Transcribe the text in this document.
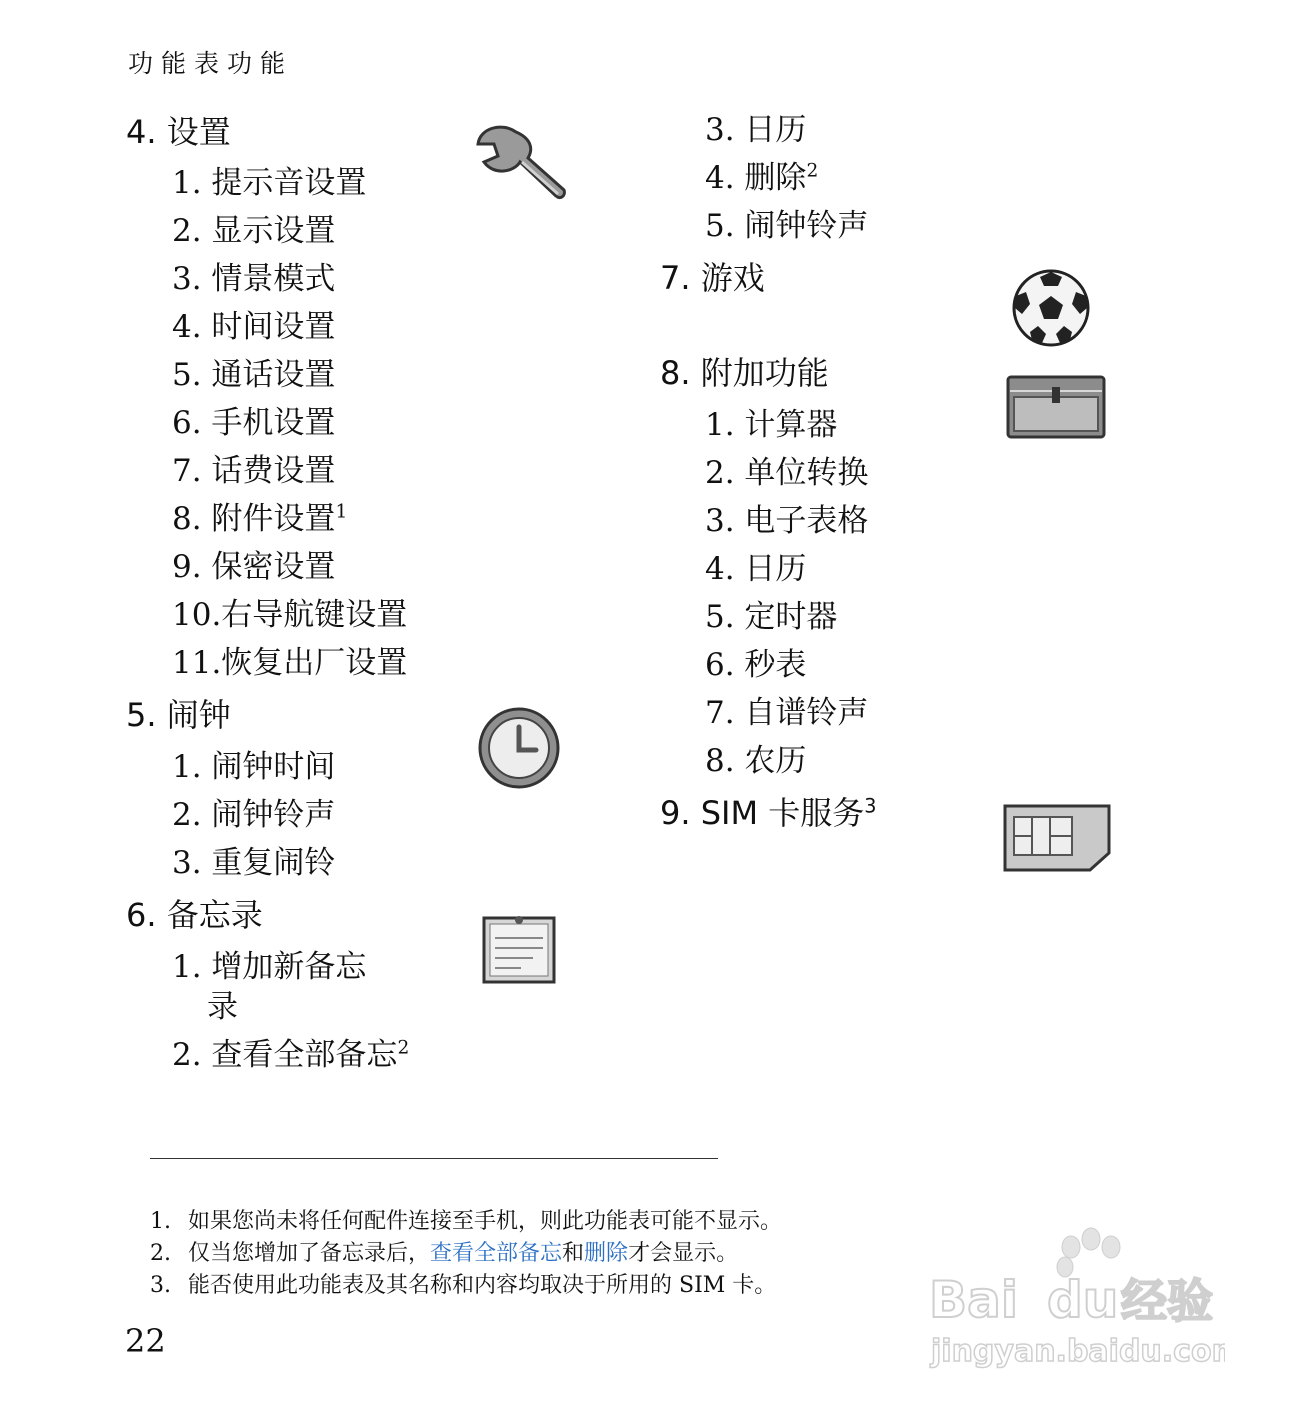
功能表功能
4. 设置
1. 提示音设置
2. 显示设置
3. 情景模式
4. 时间设置
5. 通话设置
6. 手机设置
7. 话费设置
8. 附件设置$^1$
9. 保密设置
10.右导航键设置
11.恢复出厂设置
5. 闹钟
1. 闹钟时间
2. 闹钟铃声
3. 重复闹铃
6. 备忘录
1. 增加新备忘
录
2. 查看全部备忘$^2$
3. 日历
4. 删除$^2$
5. 闹钟铃声
7. 游戏
8. 附加功能
1. 计算器
2. 单位转换
3. 电子表格
4. 日历
5. 定时器
6. 秒表
7. 自谱铃声
8. 农历
9. SIM 卡服务$^3$
1. 如果您尚未将任何配件连接至手机，则此功能表可能不显示。
2. 仅当您增加了备忘录后，查看全部备忘和删除才会显示。
3. 能否使用此功能表及其名称和内容均取决于所用的 SIM 卡。
22
Bai du 经验
jingyan.baidu.com
